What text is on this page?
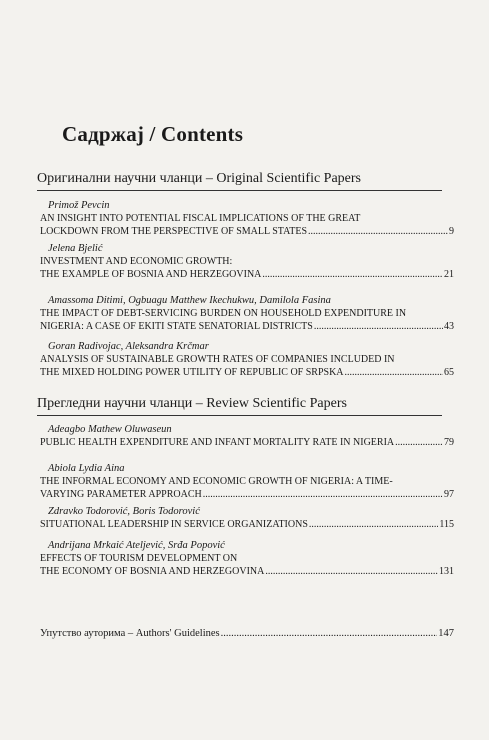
Садржај / Contents
Оригинални научни чланци – Original Scientific Papers
Primož Pevcin
AN INSIGHT INTO POTENTIAL FISCAL IMPLICATIONS OF THE GREAT
LOCKDOWN FROM THE PERSPECTIVE OF SMALL STATES .....	9
Jelena Bjelić
INVESTMENT AND ECONOMIC GROWTH:
THE EXAMPLE OF BOSNIA AND HERZEGOVINA .....	21
Amassoma Ditimi, Ogbuagu Matthew Ikechukwu, Damilola Fasina
THE IMPACT OF DEBT-SERVICING BURDEN ON HOUSEHOLD EXPENDITURE IN
NIGERIA: A CASE OF EKITI STATE SENATORIAL DISTRICTS .....	43
Goran Radivojac, Aleksandra Krčmar
ANALYSIS OF SUSTAINABLE GROWTH RATES OF COMPANIES INCLUDED IN
THE MIXED HOLDING POWER UTILITY OF REPUBLIC OF SRPSKA .....	65
Прегледни научни чланци – Review Scientific Papers
Adeagbo Mathew Oluwaseun
PUBLIC HEALTH EXPENDITURE AND INFANT MORTALITY RATE IN NIGERIA .....	79
Abiola Lydia Aina
THE INFORMAL ECONOMY AND ECONOMIC GROWTH OF NIGERIA: A TIME-
VARYING PARAMETER APPROACH .....	97
Zdravko Todorović, Boris Todorović
SITUATIONAL LEADERSHIP IN SERVICE ORGANIZATIONS .....	115
Andrijana Mrkaić Ateljević, Srđa Popović
EFFECTS OF TOURISM DEVELOPMENT ON
THE ECONOMY OF BOSNIA AND HERZEGOVINA .....	131
Упутство ауторима – Authors' Guidelines .....	147
